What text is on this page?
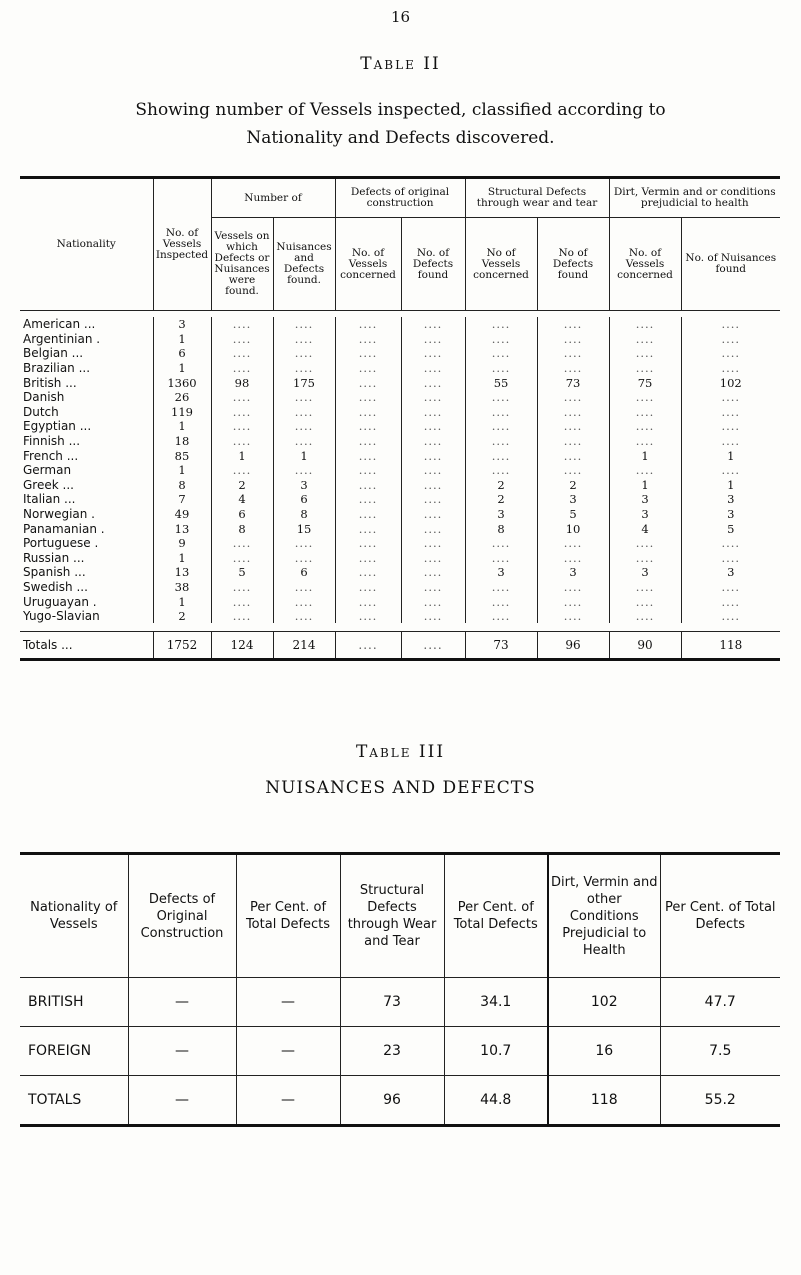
16
Table II
Showing number of Vessels inspected, classified according to
Nationality and Defects discovered.
Nationality	No. of Vessels Inspected	Number of		Defects of original construction		Structural Defects through wear and tear		Dirt, Vermin and or conditions prejudicial to health	
		Vessels on which Defects or Nuisances were found.	Nuisances and Defects found.	No. of Vessels concerned	No. of Defects found	No of Vessels concerned	No of Defects found	No. of Vessels concerned	No. of Nuisances found

American ...	3	....	....	....	....	....	....	....	....
Argentinian .	1	....	....	....	....	....	....	....	....
Belgian ...	6	....	....	....	....	....	....	....	....
Brazilian ...	1	....	....	....	....	....	....	....	....
British ...	1360	98	175	....	....	55	73	75	102
Danish	26	....	....	....	....	....	....	....	....
Dutch	119	....	....	....	....	....	....	....	....
Egyptian ...	1	....	....	....	....	....	....	....	....
Finnish ...	18	....	....	....	....	....	....	....	....
French ...	85	1	1	....	....	....	....	1	1
German	1	....	....	....	....	....	....	....	....
Greek ...	8	2	3	....	....	2	2	1	1
Italian ...	7	4	6	....	....	2	3	3	3
Norwegian .	49	6	8	....	....	3	5	3	3
Panamanian .	13	8	15	....	....	8	10	4	5
Portuguese .	9	....	....	....	....	....	....	....	....
Russian ...	1	....	....	....	....	....	....	....	....
Spanish ...	13	5	6	....	....	3	3	3	3
Swedish ...	38	....	....	....	....	....	....	....	....
Uruguayan .	1	....	....	....	....	....	....	....	....
Yugo-Slavian	2	....	....	....	....	....	....	....	....

Totals ...	1752	124	214	....	....	73	96	90	118
Table III
NUISANCES AND DEFECTS
Nationality of Vessels	Defects of Original Construction	Per Cent. of Total Defects	Structural Defects through Wear and Tear	Per Cent. of Total Defects	Dirt, Vermin and other Conditions Prejudicial to Health	Per Cent. of Total Defects
BRITISH	—	—	73	34.1	102	47.7
FOREIGN	—	—	23	10.7	16	7.5
TOTALS	—	—	96	44.8	118	55.2
